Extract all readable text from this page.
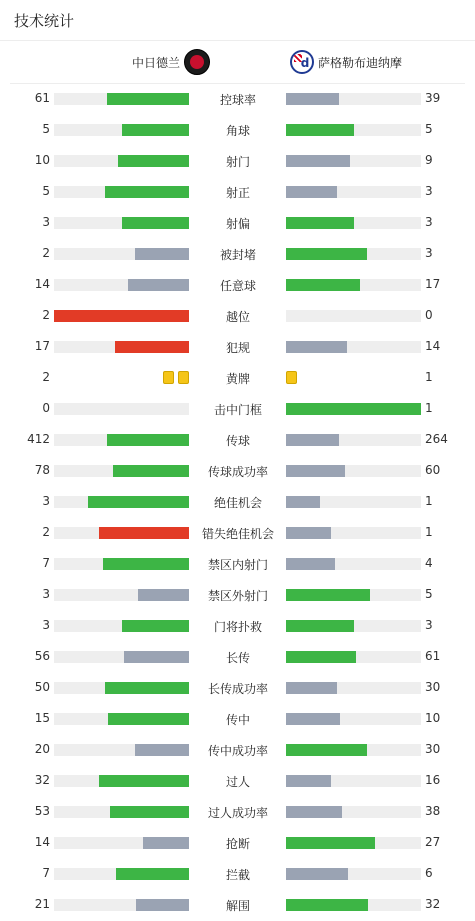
技术统计
中日德兰	d 萨格勒布迪纳摩
61	控球率	39
5	角球	5
10	射门	9
5	射正	3
3	射偏	3
2	被封堵	3
14	任意球	17
2	越位	0
17	犯规	14
2	黄牌	1
0	击中门框	1
412	传球	264
78	传球成功率	60
3	绝佳机会	1
2	错失绝佳机会	1
7	禁区内射门	4
3	禁区外射门	5
3	门将扑救	3
56	长传	61
50	长传成功率	30
15	传中	10
20	传中成功率	30
32	过人	16
53	过人成功率	38
14	抢断	27
7	拦截	6
21	解围	32
